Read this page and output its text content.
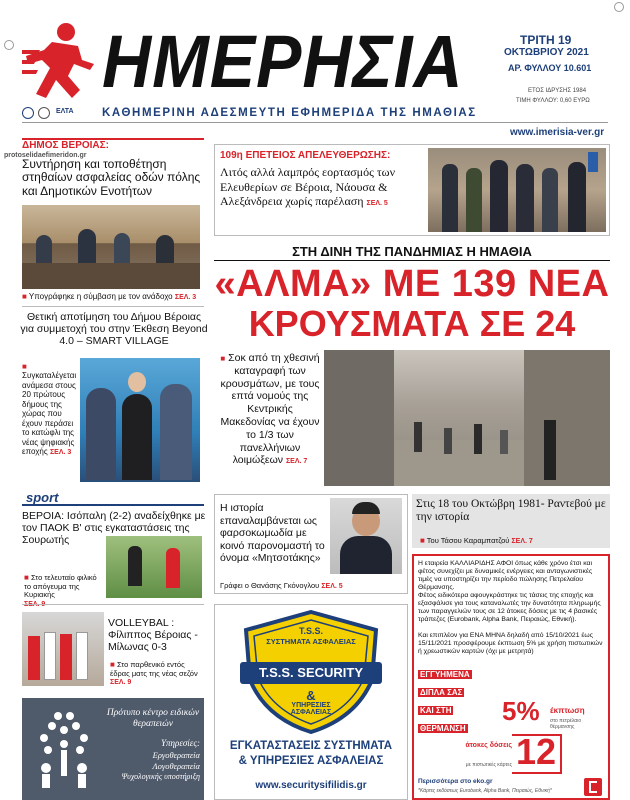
ΗΜΕΡΗΣΙΑ	ΤΡΙΤΗ 19
ΟΚΤΩΒΡΙΟΥ 2021
ΑΡ. ΦΥΛΛΟΥ 10.601
ΕΤΟΣ ΙΔΡΥΣΗΣ 1984
ΤΙΜΗ ΦΥΛΛΟΥ: 0,60 ΕΥΡΩ
ΕΛΤΑ ΚΑΘΗΜΕΡΙΝΗ ΑΔΕΣΜΕΥΤΗ ΕΦΗΜΕΡΙΔΑ ΤΗΣ ΗΜΑΘΙΑΣ
www.imerisia-ver.gr
ΔΗΜΟΣ ΒΕΡΟΙΑΣ:
protoselidaefimeridon.gr
Συντήρηση και τοποθέτηση στηθαίων ασφαλείας οδών πόλης και Δημοτικών Ενοτήτων
■ Υπογράφηκε η σύμβαση με τον ανάδοχο ΣΕΛ. 3
Θετική αποτίμηση του Δήμου Βέροιας για συμμετοχή του στην Έκθεση Beyond 4.0 – SMART VILLAGE
■ Συγκαταλέγεται ανάμεσα στους 20 πρώτους δήμους της χώρας που έχουν περάσει το κατώφλι της νέας ψηφιακής εποχής ΣΕΛ. 3
sport
ΒΕΡΟΙΑ: Ισόπαλη (2-2) αναδείχθηκε με τον ΠΑΟΚ Β' στις εγκαταστάσεις της Σουρωτής
■ Στο τελευταίο φιλικό το απόγευμα της Κυριακής

VOLLEYBAL : Φίλιππος Βέροιας - Μίλωνας 0-3
■ Στο παρθενικό εντός έδρας ματς της νέας σεζόν ΣΕΛ. 9
Πρότυπο κέντρο ειδικών θεραπειών
Υπηρεσίες:
Εργοθεραπεία
Λογοθεραπεία
Ψυχολογικής υποστήριξη
109η ΕΠΕΤΕΙΟΣ ΑΠΕΛΕΥΘΕΡΩΣΗΣ:
Λιτός αλλά λαμπρός εορτασμός των Ελευθερίων σε Βέροια, Νάουσα & Αλεξάνδρεια χωρίς παρέλαση ΣΕΛ. 5
ΣΤΗ ΔΙΝΗ ΤΗΣ ΠΑΝΔΗΜΙΑΣ Η ΗΜΑΘΙΑ
«ΑΛΜΑ» ΜΕ 139 ΝΕΑ
ΚΡΟΥΣΜΑΤΑ ΣΕ 24
■ Σοκ από τη χθεσινή καταγραφή των κρουσμάτων, με τους επτά νομούς της Κεντρικής Μακεδονίας να έχουν το 1/3 των πανελλήνιων λοιμώξεων ΣΕΛ. 7
Η ιστορία επαναλαμβάνεται ως φαρσοκωμωδία με κοινό παρονομαστή το όνομα «Μητσοτάκης»
Γράφει ο Θανάσης Γκόνογλου ΣΕΛ. 5
Στις 18 του Οκτώβρη 1981- Ραντεβού με την ιστορία
■ Του Τάσου Καραμπατζού ΣΕΛ. 7
T.S.S.
ΣΥΣΤΗΜΑΤΑ ΑΣΦΑΛΕΙΑΣ
T.S.S. SECURITY
&
ΥΠΗΡΕΣΙΕΣ ΑΣΦΑΛΕΙΑΣ
ΕΓΚΑΤΑΣΤΑΣΕΙΣ ΣΥΣΤΗΜΑΤΑ
& ΥΠΗΡΕΣΙΕΣ ΑΣΦΑΛΕΙΑΣ
www.securitysifilidis.gr
Η εταιρεία ΚΑΛΛΙΑΡΙΔΗΣ ΑΦΟΙ όπως κάθε χρόνο έτσι και φέτος συνεχίζει με δυναμικές ενέργειες και ανταγωνιστικές τιμές να υποστηρίζει την περίοδο πώλησης Πετρελαίου Θέρμανσης.
Φέτος ειδικότερα αφουγκράστηκε τις τάσεις της εποχής και εξασφάλισε για τους καταναλωτές την δυνατότητα πληρωμής των παραγγελιών τους σε 12 άτοκες δόσεις με τις 4 βασικές τράπεζες (Eurobank, Alpha Bank, Πειραιώς, Εθνική).
Και επιπλέον για ΕΝΑ ΜΗΝΑ δηλαδή από 15/10/2021 έως 15/11/2021 προσφέρουμε έκπτωση 5% με χρήση πιστωτικών ή χρεωστικών καρτών (όχι με μετρητά)
ΕΓΓΥΗΜΕΝΑ
ΔΙΠΛΑ ΣΑΣ
ΚΑΙ ΣΤΗ
ΘΕΡΜΑΝΣΗ
5% έκπτωση
στο πετρέλαιο θέρμανσης
άτοκες δόσεις
με πιστωτικές κάρτες 12
Περισσότερα στο eko.gr
*Κάρτες εκδόσεως Eurobank, Alpha Bank, Πειραιώς, Εθνική*
